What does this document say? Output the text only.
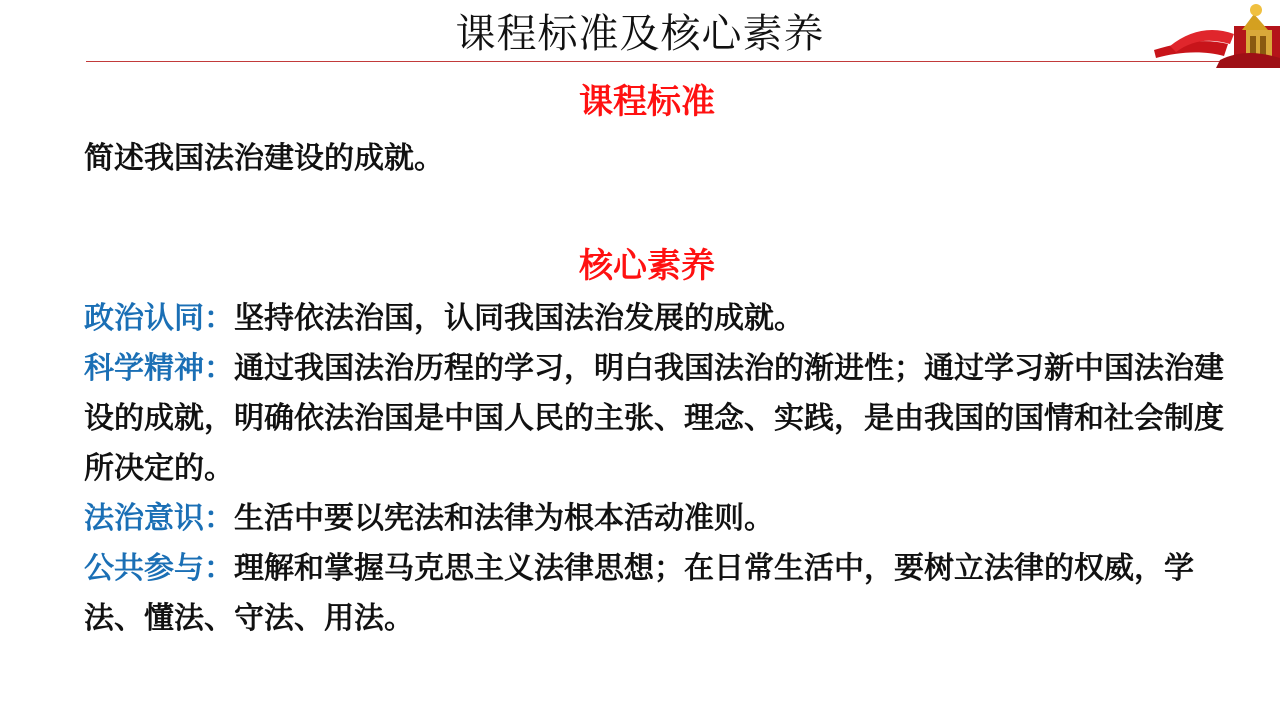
课程标准及核心素养
课程标准
简述我国法治建设的成就。
核心素养
政治认同：坚持依法治国，认同我国法治发展的成就。
科学精神：通过我国法治历程的学习，明白我国法治的渐进性；通过学习新中国法治建设的成就，明确依法治国是中国人民的主张、理念、实践，是由我国的国情和社会制度所决定的。
法治意识：生活中要以宪法和法律为根本活动准则。
公共参与：理解和掌握马克思主义法律思想；在日常生活中，要树立法律的权威，学法、懂法、守法、用法。
